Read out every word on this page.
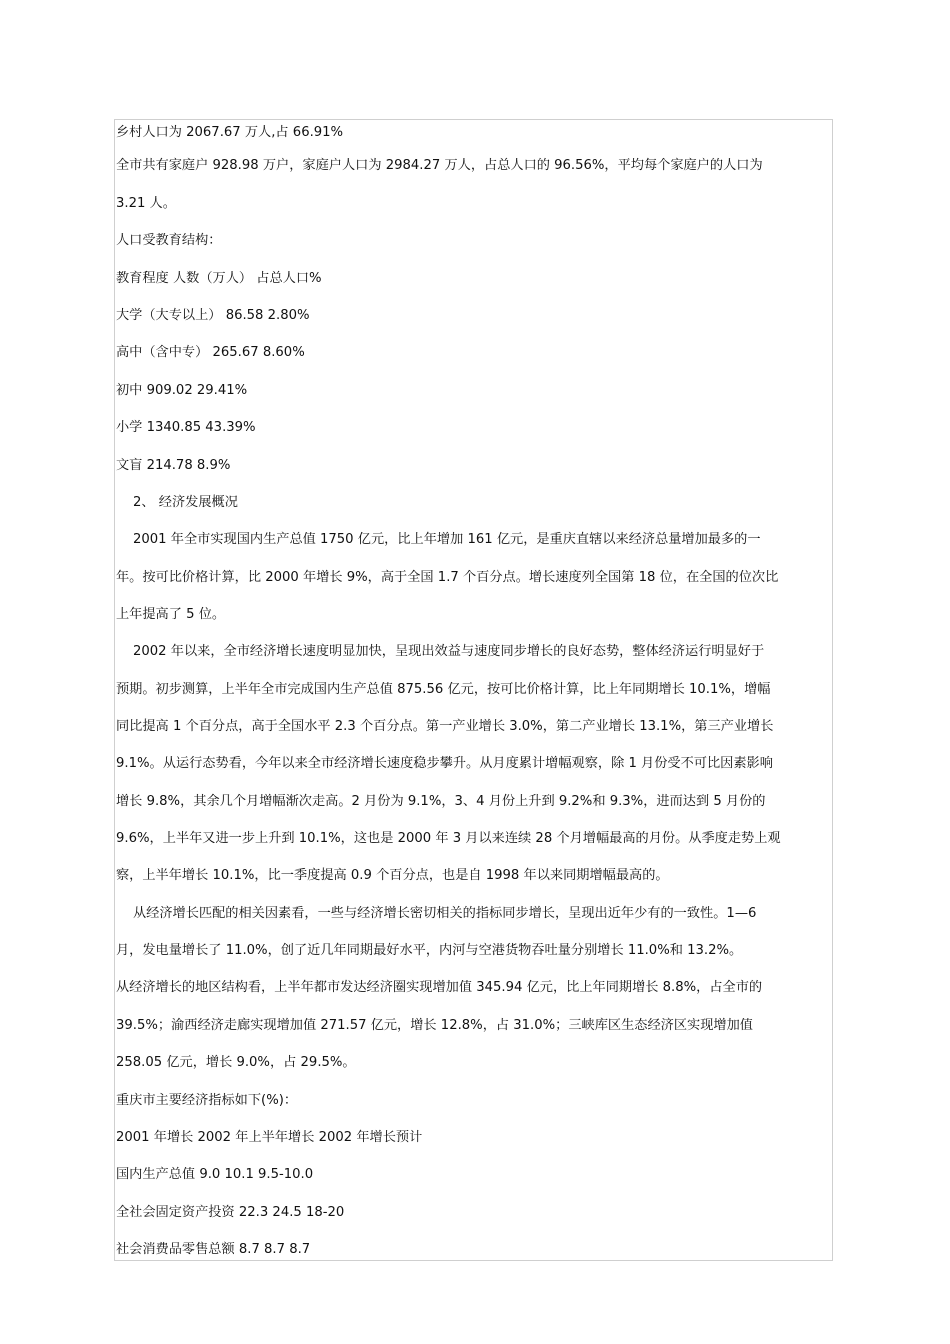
乡村人口为 2067.67 万人,占 66.91%
全市共有家庭户 928.98 万户，家庭户人口为 2984.27 万人，占总人口的 96.56%，平均每个家庭户的人口为
3.21 人。
人口受教育结构：
教育程度 人数（万人） 占总人口%
大学（大专以上） 86.58 2.80%
高中（含中专） 265.67 8.60%
初中 909.02 29.41%
小学 1340.85 43.39%
文盲 214.78 8.9%
2、 经济发展概况
2001 年全市实现国内生产总值 1750 亿元，比上年增加 161 亿元，是重庆直辖以来经济总量增加最多的一
年。按可比价格计算，比 2000 年增长 9%，高于全国 1.7 个百分点。增长速度列全国第 18 位，在全国的位次比
上年提高了 5 位。
2002 年以来，全市经济增长速度明显加快，呈现出效益与速度同步增长的良好态势，整体经济运行明显好于
预期。初步测算，上半年全市完成国内生产总值 875.56 亿元，按可比价格计算，比上年同期增长 10.1%，增幅
同比提高 1 个百分点，高于全国水平 2.3 个百分点。第一产业增长 3.0%，第二产业增长 13.1%，第三产业增长
9.1%。从运行态势看，今年以来全市经济增长速度稳步攀升。从月度累计增幅观察，除 1 月份受不可比因素影响
增长 9.8%，其余几个月增幅渐次走高。2 月份为 9.1%，3、4 月份上升到 9.2%和 9.3%，进而达到 5 月份的
9.6%，上半年又进一步上升到 10.1%，这也是 2000 年 3 月以来连续 28 个月增幅最高的月份。从季度走势上观
察，上半年增长 10.1%，比一季度提高 0.9 个百分点，也是自 1998 年以来同期增幅最高的。
从经济增长匹配的相关因素看，一些与经济增长密切相关的指标同步增长，呈现出近年少有的一致性。1—6
月，发电量增长了 11.0%，创了近几年同期最好水平，内河与空港货物吞吐量分别增长 11.0%和 13.2%。
从经济增长的地区结构看，上半年都市发达经济圈实现增加值 345.94 亿元，比上年同期增长 8.8%，占全市的
39.5%；渝西经济走廊实现增加值 271.57 亿元，增长 12.8%，占 31.0%；三峡库区生态经济区实现增加值
258.05 亿元，增长 9.0%，占 29.5%。
重庆市主要经济指标如下(%)：
2001 年增长 2002 年上半年增长 2002 年增长预计
国内生产总值 9.0 10.1 9.5-10.0
全社会固定资产投资 22.3 24.5 18-20
社会消费品零售总额 8.7 8.7 8.7
